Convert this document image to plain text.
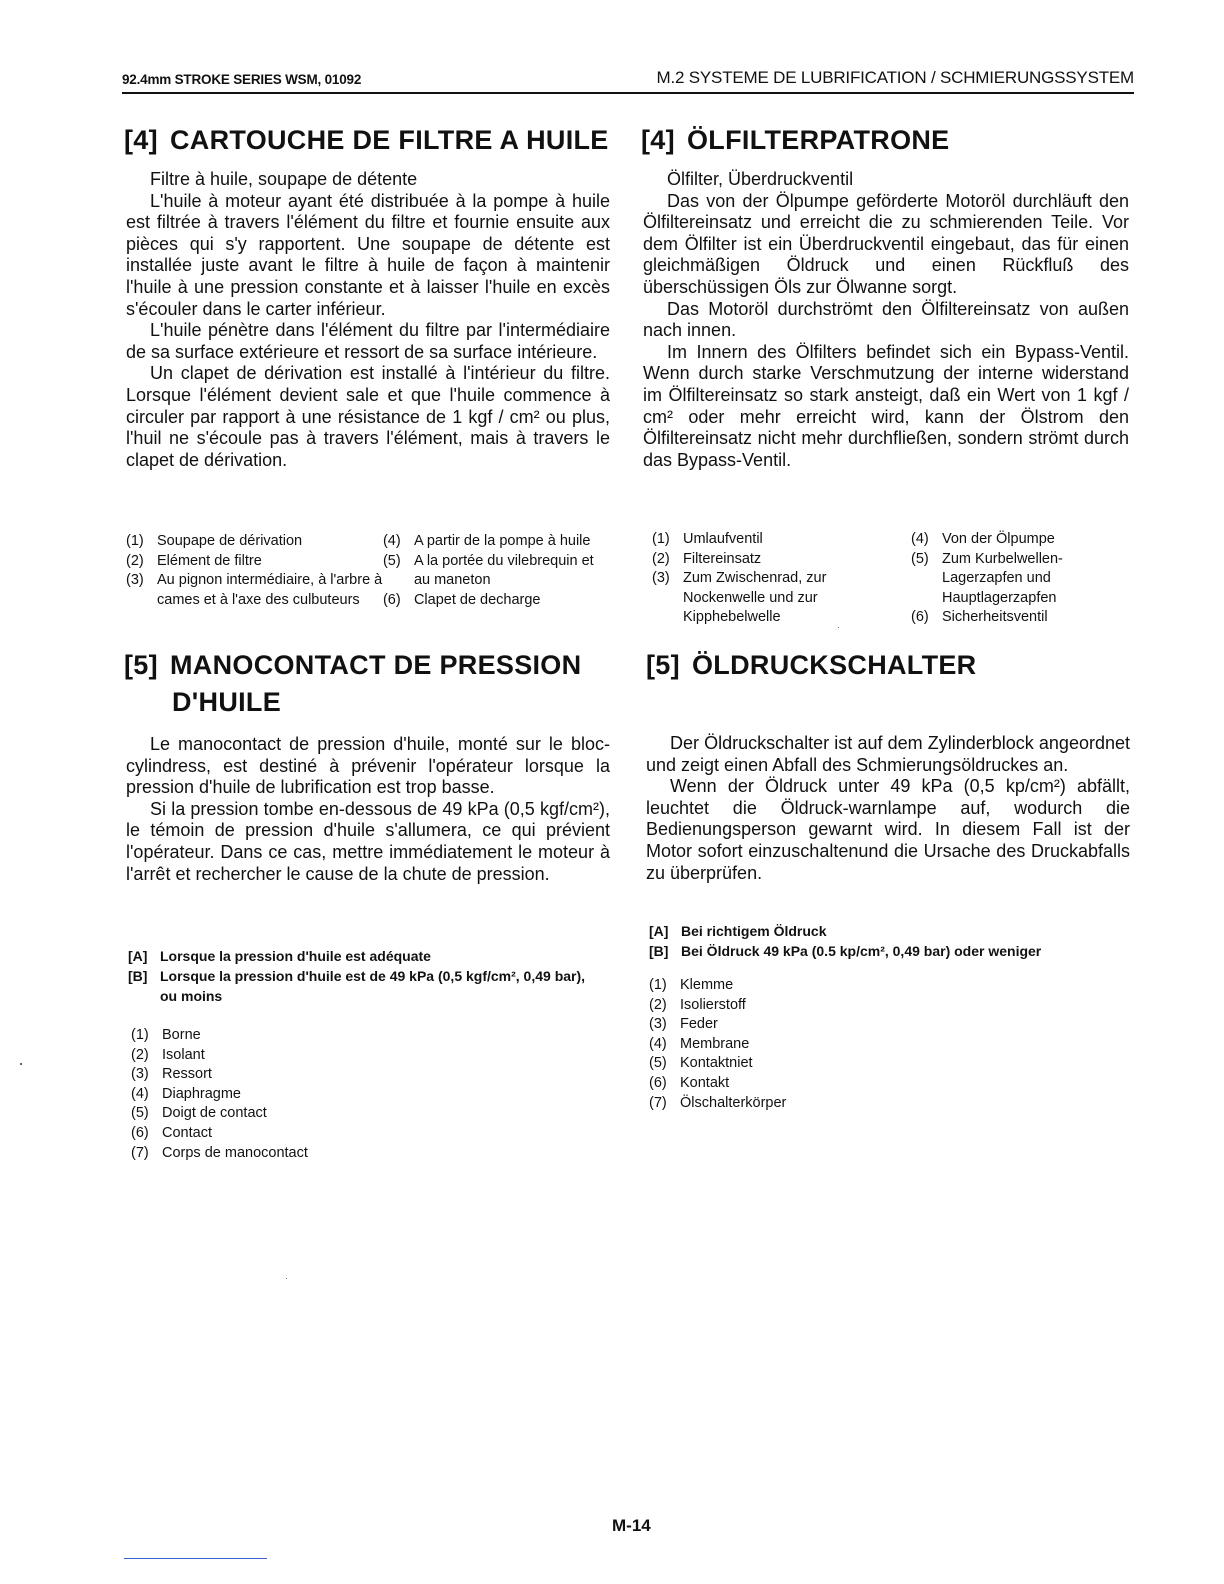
92.4mm STROKE SERIES WSM, 01092	M.2 SYSTEME DE LUBRIFICATION / SCHMIERUNGSSYSTEM
[4] CARTOUCHE DE FILTRE A HUILE

Filtre à huile, soupape de détente

L'huile à moteur ayant été distribuée à la pompe à huile est filtrée à travers l'élément du filtre et fournie ensuite aux pièces qui s'y rapportent. Une soupape de détente est installée juste avant le filtre à huile de façon à maintenir l'huile à une pression constante et à laisser l'huile en excès s'écouler dans le carter inférieur.

L'huile pénètre dans l'élément du filtre par l'intermédiaire de sa surface extérieure et ressort de sa surface intérieure.

Un clapet de dérivation est installé à l'intérieur du filtre. Lorsque l'élément devient sale et que l'huile commence à circuler par rapport à une résistance de 1 kgf / cm² ou plus, l'huil ne s'écoule pas à travers l'élément, mais à travers le clapet de dérivation.

(1) Soupape de dérivation
(2) Elément de filtre
(3) Au pignon intermédiaire, à l'arbre à cames et à l'axe des culbuteurs
(4) A partir de la pompe à huile
(5) A la portée du vilebrequin et au maneton
(6) Clapet de decharge
[4] ÖLFILTERPATRONE

Ölfilter, Überdruckventil

Das von der Ölpumpe geförderte Motoröl durchläuft den Ölfiltereinsatz und erreicht die zu schmierenden Teile. Vor dem Ölfilter ist ein Überdruckventil eingebaut, das für einen gleichmäßigen Öldruck und einen Rückfluß des überschüssigen Öls zur Ölwanne sorgt.

Das Motoröl durchströmt den Ölfiltereinsatz von außen nach innen.

Im Innern des Ölfilters befindet sich ein Bypass-Ventil. Wenn durch starke Verschmutzung der interne widerstand im Ölfiltereinsatz so stark ansteigt, daß ein Wert von 1 kgf / cm² oder mehr erreicht wird, kann der Ölstrom den Ölfiltereinsatz nicht mehr durchfließen, sondern strömt durch das Bypass-Ventil.

(1) Umlaufventil
(2) Filtereinsatz
(3) Zum Zwischenrad, zur Nockenwelle und zur Kipphebelwelle
(4) Von der Ölpumpe
(5) Zum Kurbelwellen-Lagerzapfen und Hauptlagerzapfen
(6) Sicherheitsventil
[5] MANOCONTACT DE PRESSION
D'HUILE

Le manocontact de pression d'huile, monté sur le bloc-cylindress, est destiné à prévenir l'opérateur lorsque la pression d'huile de lubrification est trop basse.

Si la pression tombe en-dessous de 49 kPa (0,5 kgf/cm²), le témoin de pression d'huile s'allumera, ce qui prévient l'opérateur. Dans ce cas, mettre immédiatement le moteur à l'arrêt et rechercher le cause de la chute de pression.

[A] Lorsque la pression d'huile est adéquate
[B] Lorsque la pression d'huile est de 49 kPa (0,5 kgf/cm², 0,49 bar), ou moins
(1) Borne
(2) Isolant
(3) Ressort
(4) Diaphragme
(5) Doigt de contact
(6) Contact
(7) Corps de manocontact
[5] ÖLDRUCKSCHALTER

Der Öldruckschalter ist auf dem Zylinderblock angeordnet und zeigt einen Abfall des Schmierungsöldruckes an.

Wenn der Öldruck unter 49 kPa (0,5 kp/cm²) abfällt, leuchtet die Öldruck-warnlampe auf, wodurch die Bedienungsperson gewarnt wird. In diesem Fall ist der Motor sofort einzuschaltenund die Ursache des Druckabfalls zu überprüfen.

[A] Bei richtigem Öldruck
[B] Bei Öldruck 49 kPa (0.5 kp/cm², 0,49 bar) oder weniger
(1) Klemme
(2) Isolierstoff
(3) Feder
(4) Membrane
(5) Kontaktniet
(6) Kontakt
(7) Ölschalterkörper
M-14
